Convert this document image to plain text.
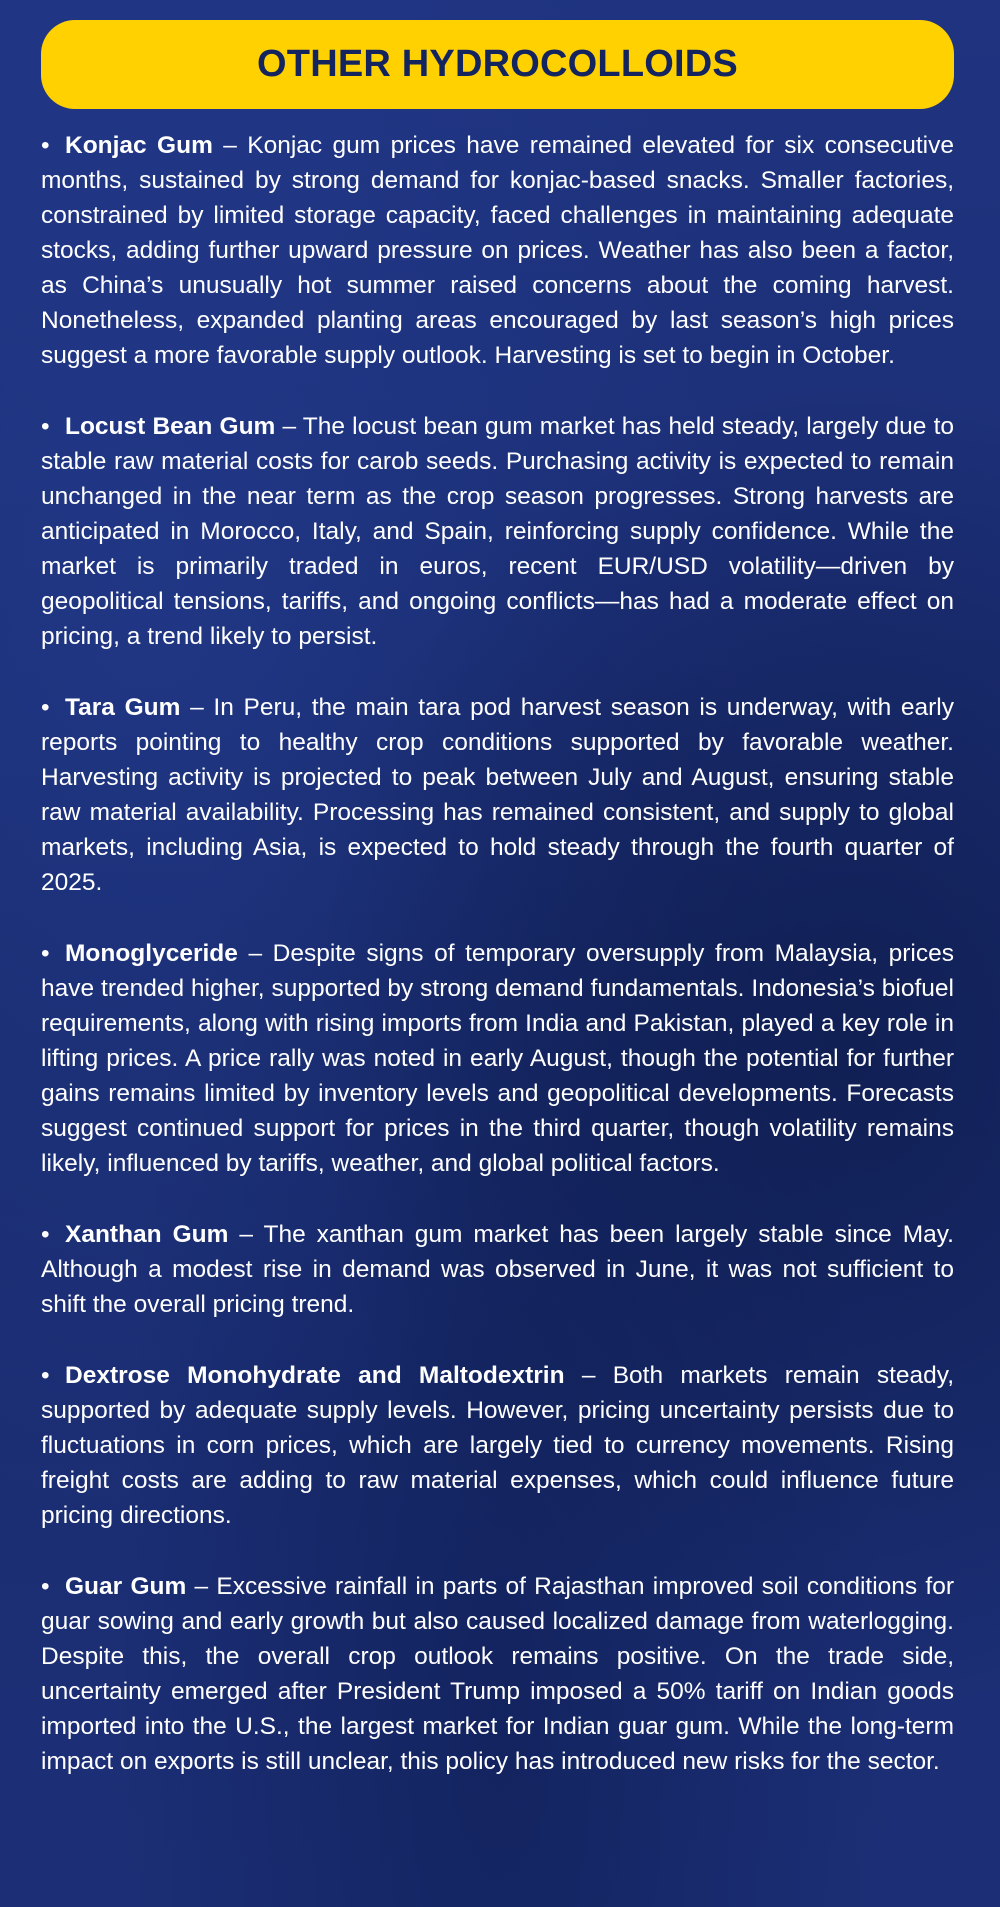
OTHER HYDROCOLLOIDS

• Konjac Gum – Konjac gum prices have remained elevated for six consecutive months, sustained by strong demand for konjac-based snacks. Smaller factories, constrained by limited storage capacity, faced challenges in maintaining adequate stocks, adding further upward pressure on prices. Weather has also been a factor, as China’s unusually hot summer raised concerns about the coming harvest. Nonetheless, expanded planting areas encouraged by last season’s high prices suggest a more favorable supply outlook. Harvesting is set to begin in October.

• Locust Bean Gum – The locust bean gum market has held steady, largely due to stable raw material costs for carob seeds. Purchasing activity is expected to remain unchanged in the near term as the crop season progresses. Strong harvests are anticipated in Morocco, Italy, and Spain, reinforcing supply confidence. While the market is primarily traded in euros, recent EUR/USD volatility—driven by geopolitical tensions, tariffs, and ongoing conflicts—has had a moderate effect on pricing, a trend likely to persist.

• Tara Gum – In Peru, the main tara pod harvest season is underway, with early reports pointing to healthy crop conditions supported by favorable weather. Harvesting activity is projected to peak between July and August, ensuring stable raw material availability. Processing has remained consistent, and supply to global markets, including Asia, is expected to hold steady through the fourth quarter of 2025.

• Monoglyceride – Despite signs of temporary oversupply from Malaysia, prices have trended higher, supported by strong demand fundamentals. Indonesia’s biofuel requirements, along with rising imports from India and Pakistan, played a key role in lifting prices. A price rally was noted in early August, though the potential for further gains remains limited by inventory levels and geopolitical developments. Forecasts suggest continued support for prices in the third quarter, though volatility remains likely, influenced by tariffs, weather, and global political factors.

• Xanthan Gum – The xanthan gum market has been largely stable since May. Although a modest rise in demand was observed in June, it was not sufficient to shift the overall pricing trend.

• Dextrose Monohydrate and Maltodextrin – Both markets remain steady, supported by adequate supply levels. However, pricing uncertainty persists due to fluctuations in corn prices, which are largely tied to currency movements. Rising freight costs are adding to raw material expenses, which could influence future pricing directions.

• Guar Gum – Excessive rainfall in parts of Rajasthan improved soil conditions for guar sowing and early growth but also caused localized damage from waterlogging. Despite this, the overall crop outlook remains positive. On the trade side, uncertainty emerged after President Trump imposed a 50% tariff on Indian goods imported into the U.S., the largest market for Indian guar gum. While the long-term impact on exports is still unclear, this policy has introduced new risks for the sector.
